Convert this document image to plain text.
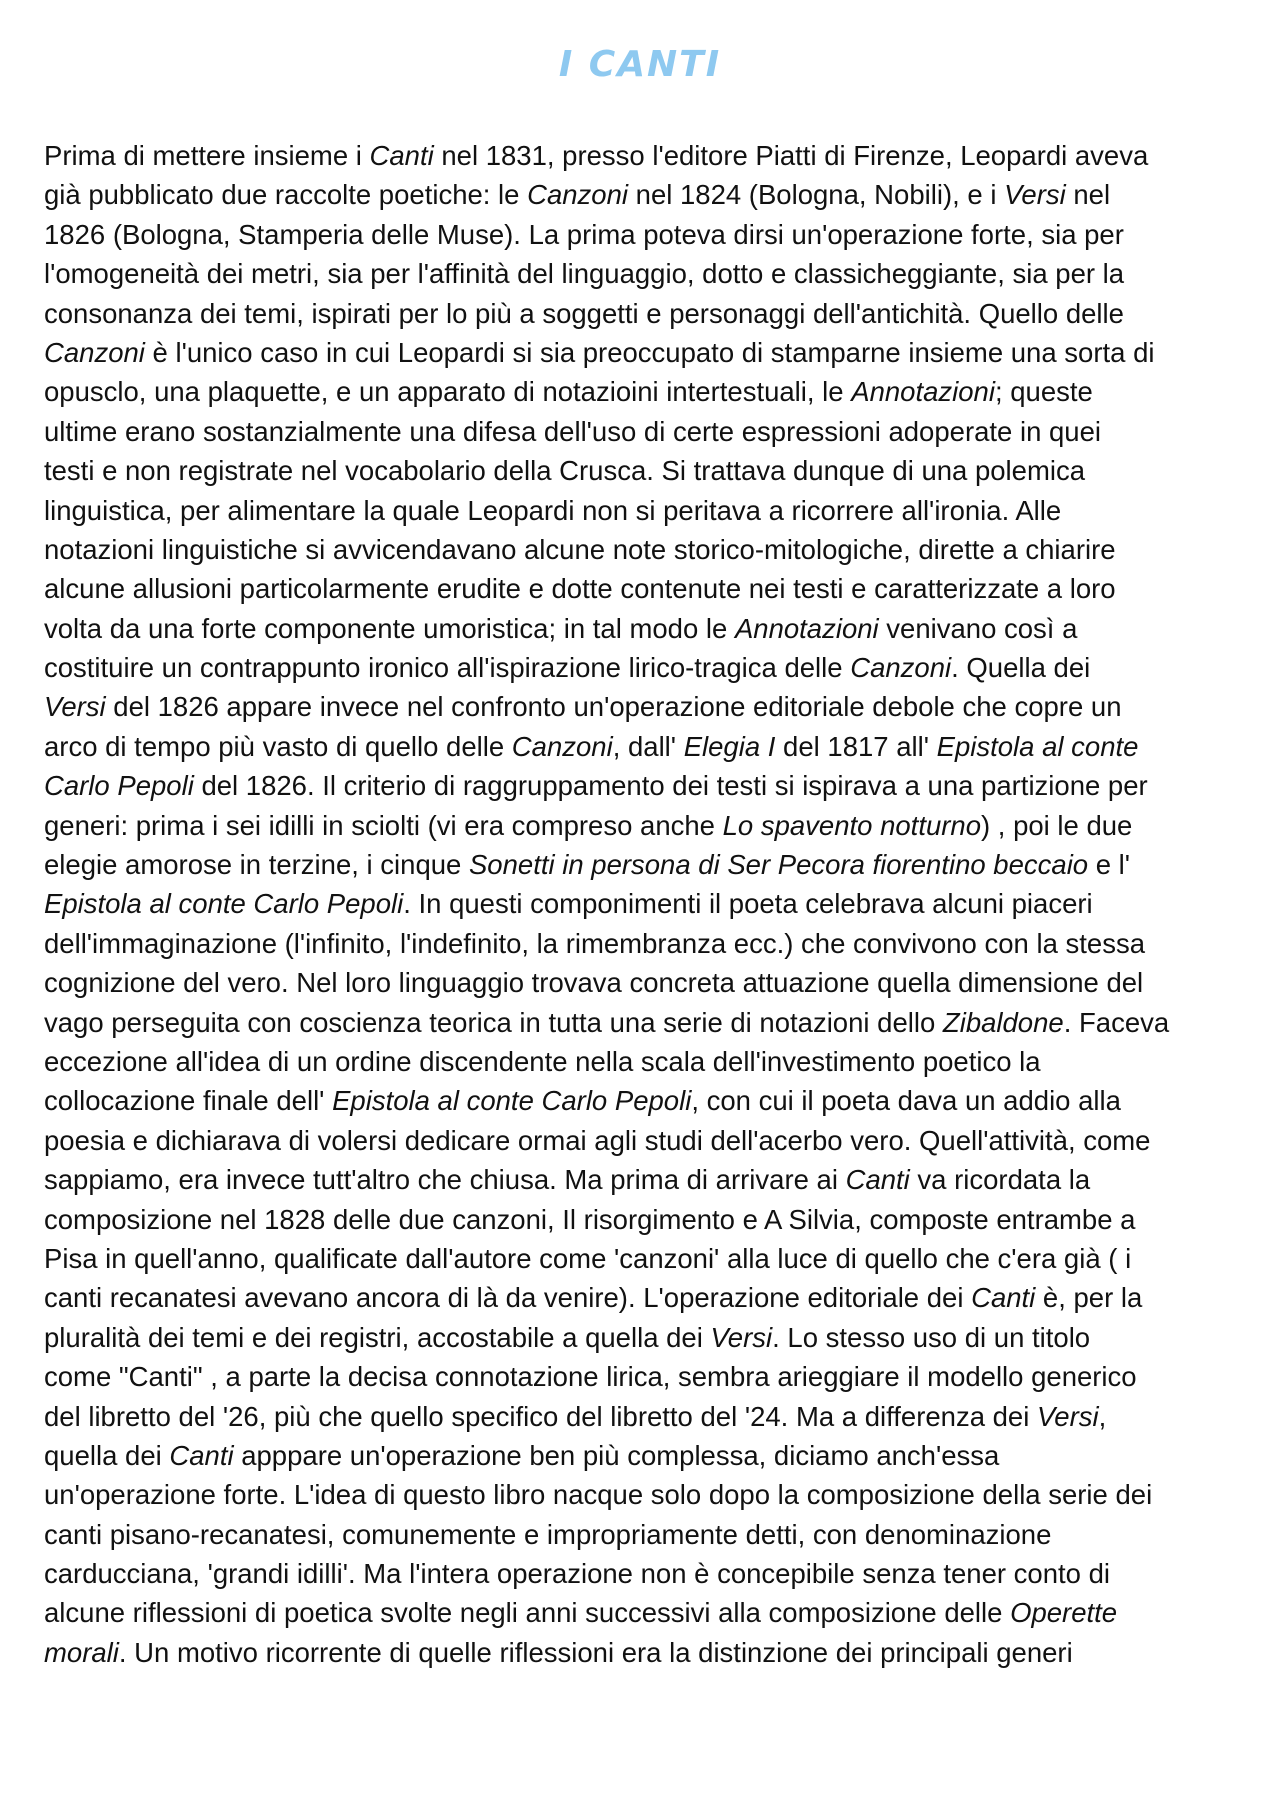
I CANTI
Prima di mettere insieme i Canti nel 1831, presso l'editore Piatti di Firenze, Leopardi aveva
già pubblicato due raccolte poetiche: le Canzoni nel 1824 (Bologna, Nobili), e i Versi nel
1826 (Bologna, Stamperia delle Muse). La prima poteva dirsi un'operazione forte, sia per
l'omogeneità dei metri, sia per l'affinità del linguaggio, dotto e classicheggiante, sia per la
consonanza dei temi, ispirati per lo più a soggetti e personaggi dell'antichità. Quello delle
Canzoni è l'unico caso in cui Leopardi si sia preoccupato di stamparne insieme una sorta di
opusclo, una plaquette, e un apparato di notazioini intertestuali, le Annotazioni; queste
ultime erano sostanzialmente una difesa dell'uso di certe espressioni adoperate in quei
testi e non registrate nel vocabolario della Crusca. Si trattava dunque di una polemica
linguistica, per alimentare la quale Leopardi non si peritava a ricorrere all'ironia. Alle
notazioni linguistiche si avvicendavano alcune note storico-mitologiche, dirette a chiarire
alcune allusioni particolarmente erudite e dotte contenute nei testi e caratterizzate a loro
volta da una forte componente umoristica; in tal modo le Annotazioni venivano così a
costituire un contrappunto ironico all'ispirazione lirico-tragica delle Canzoni. Quella dei
Versi del 1826 appare invece nel confronto un'operazione editoriale debole che copre un
arco di tempo più vasto di quello delle Canzoni, dall' Elegia I del 1817 all' Epistola al conte
Carlo Pepoli del 1826. Il criterio di raggruppamento dei testi si ispirava a una partizione per
generi: prima i sei idilli in sciolti (vi era compreso anche Lo spavento notturno) , poi le due
elegie amorose in terzine, i cinque Sonetti in persona di Ser Pecora fiorentino beccaio e l'
Epistola al conte Carlo Pepoli. In questi componimenti il poeta celebrava alcuni piaceri
dell'immaginazione (l'infinito, l'indefinito, la rimembranza ecc.) che convivono con la stessa
cognizione del vero. Nel loro linguaggio trovava concreta attuazione quella dimensione del
vago perseguita con coscienza teorica in tutta una serie di notazioni dello Zibaldone. Faceva
eccezione all'idea di un ordine discendente nella scala dell'investimento poetico la
collocazione finale dell' Epistola al conte Carlo Pepoli, con cui il poeta dava un addio alla
poesia e dichiarava di volersi dedicare ormai agli studi dell'acerbo vero. Quell'attività, come
sappiamo, era invece tutt'altro che chiusa. Ma prima di arrivare ai Canti va ricordata la
composizione nel 1828 delle due canzoni, Il risorgimento e A Silvia, composte entrambe a
Pisa in quell'anno, qualificate dall'autore come 'canzoni' alla luce di quello che c'era già ( i
canti recanatesi avevano ancora di là da venire). L'operazione editoriale dei Canti è, per la
pluralità dei temi e dei registri, accostabile a quella dei Versi. Lo stesso uso di un titolo
come "Canti" , a parte la decisa connotazione lirica, sembra arieggiare il modello generico
del libretto del '26, più che quello specifico del libretto del '24. Ma a differenza dei Versi,
quella dei Canti apppare un'operazione ben più complessa, diciamo anch'essa
un'operazione forte. L'idea di questo libro nacque solo dopo la composizione della serie dei
canti pisano-recanatesi, comunemente e impropriamente detti, con denominazione
carducciana, 'grandi idilli'. Ma l'intera operazione non è concepibile senza tener conto di
alcune riflessioni di poetica svolte negli anni successivi alla composizione delle Operette
morali. Un motivo ricorrente di quelle riflessioni era la distinzione dei principali generi
